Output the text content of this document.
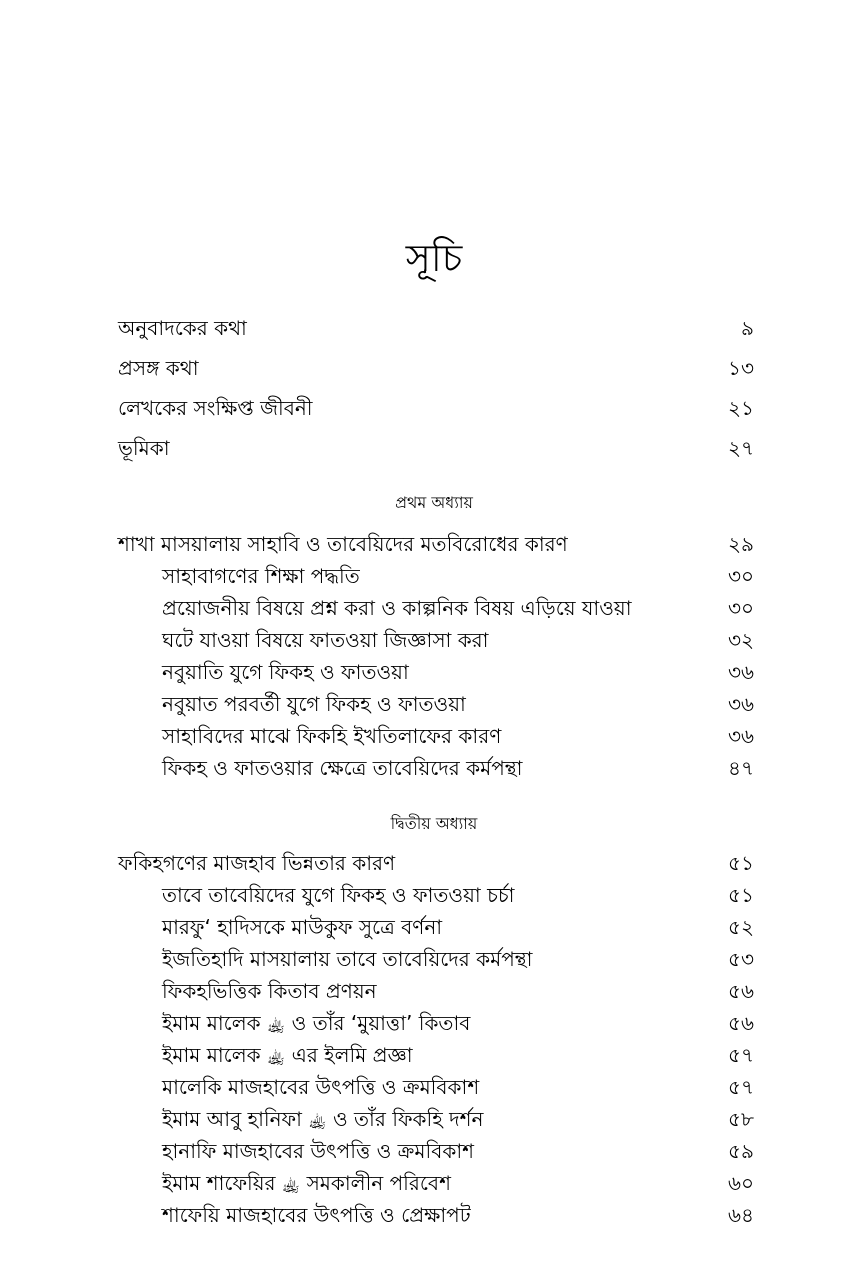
সূচি
অনুবাদকের কথা	৯
প্রসঙ্গ কথা	১৩
লেখকের সংক্ষিপ্ত জীবনী	২১
ভূমিকা	২৭
প্রথম অধ্যায়
শাখা মাসয়ালায় সাহাবি ও তাবেয়িদের মতবিরোধের কারণ	২৯
সাহাবাগণের শিক্ষা পদ্ধতি	৩০
প্রয়োজনীয় বিষয়ে প্রশ্ন করা ও কাল্পনিক বিষয় এড়িয়ে যাওয়া	৩০
ঘটে যাওয়া বিষয়ে ফাতওয়া জিজ্ঞাসা করা	৩২
নবুয়াতি যুগে ফিকহ ও ফাতওয়া	৩৬
নবুয়াত পরবর্তী যুগে ফিকহ ও ফাতওয়া	৩৬
সাহাবিদের মাঝে ফিকহি ইখতিলাফের কারণ	৩৬
ফিকহ ও ফাতওয়ার ক্ষেত্রে তাবেয়িদের কর্মপন্থা	৪৭
দ্বিতীয় অধ্যায়
ফকিহগণের মাজহাব ভিন্নতার কারণ	৫১
তাবে তাবেয়িদের যুগে ফিকহ ও ফাতওয়া চর্চা	৫১
মারফু‘ হাদিসকে মাউকুফ সুত্রে বর্ণনা	৫২
ইজতিহাদি মাসয়ালায় তাবে তাবেয়িদের কর্মপন্থা	৫৩
ফিকহভিত্তিক কিতাব প্রণয়ন	৫৬
ইমাম মালেক ﵀ ও তাঁর ‘মুয়াত্তা’ কিতাব	৫৬
ইমাম মালেক ﵀ এর ইলমি প্রজ্ঞা	৫৭
মালেকি মাজহাবের উৎপত্তি ও ক্রমবিকাশ	৫৭
ইমাম আবু হানিফা ﵀ ও তাঁর ফিকহি দর্শন	৫৮
হানাফি মাজহাবের উৎপত্তি ও ক্রমবিকাশ	৫৯
ইমাম শাফেয়ির ﵀ সমকালীন পরিবেশ	৬০
শাফেয়ি মাজহাবের উৎপত্তি ও প্রেক্ষাপট	৬৪
